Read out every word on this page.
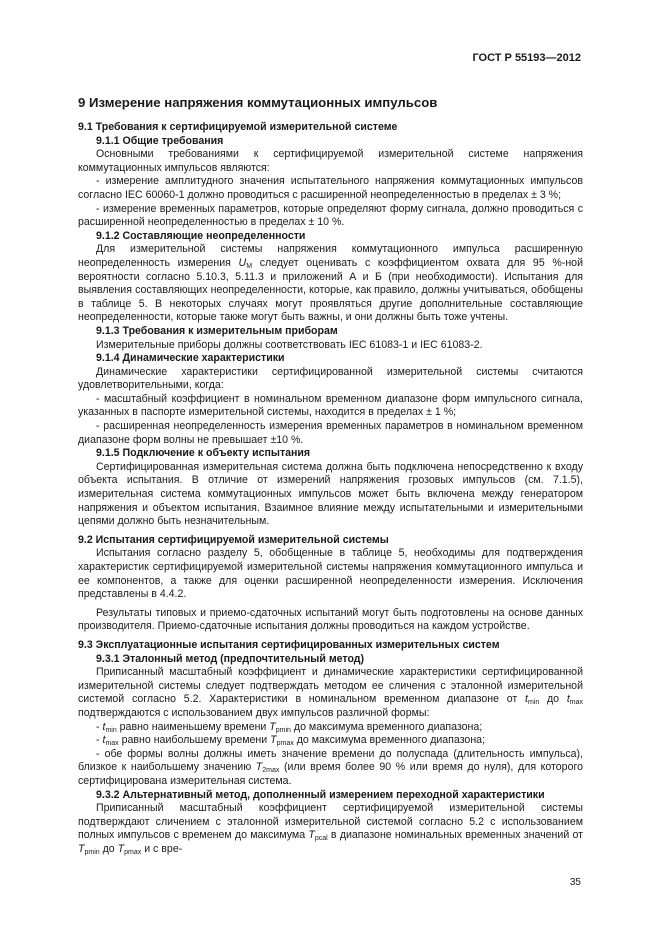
ГОСТ Р 55193—2012
9 Измерение напряжения коммутационных импульсов
9.1 Требования к сертифицируемой измерительной системе
9.1.1 Общие требования
Основными требованиями к сертифицируемой измерительной системе напряжения коммутационных импульсов являются:
- измерение амплитудного значения испытательного напряжения коммутационных импульсов согласно IEC 60060-1 должно проводиться с расширенной неопределенностью в пределах ± 3 %;
- измерение временных параметров, которые определяют форму сигнала, должно проводиться с расширенной неопределенностью в пределах ± 10 %.
9.1.2 Составляющие неопределенности
Для измерительной системы напряжения коммутационного импульса расширенную неопределенность измерения $U_M$ следует оценивать с коэффициентом охвата для 95 %-ной вероятности согласно 5.10.3, 5.11.3 и приложений А и Б (при необходимости). Испытания для выявления составляющих неопределенности, которые, как правило, должны учитываться, обобщены в таблице 5. В некоторых случаях могут проявляться другие дополнительные составляющие неопределенности, которые также могут быть важны, и они должны быть тоже учтены.
9.1.3 Требования к измерительным приборам
Измерительные приборы должны соответствовать IEC 61083-1 и IEC 61083-2.
9.1.4 Динамические характеристики
Динамические характеристики сертифицированной измерительной системы считаются удовлетворительными, когда:
- масштабный коэффициент в номинальном временном диапазоне форм импульсного сигнала, указанных в паспорте измерительной системы, находится в пределах ± 1 %;
- расширенная неопределенность измерения временных параметров в номинальном временном диапазоне форм волны не превышает ±10 %.
9.1.5 Подключение к объекту испытания
Сертифицированная измерительная система должна быть подключена непосредственно к входу объекта испытания. В отличие от измерений напряжения грозовых импульсов (см. 7.1.5), измерительная система коммутационных импульсов может быть включена между генератором напряжения и объектом испытания. Взаимное влияние между испытательными и измерительными цепями должно быть незначительным.
9.2 Испытания сертифицируемой измерительной системы
Испытания согласно разделу 5, обобщенные в таблице 5, необходимы для подтверждения характеристик сертифицируемой измерительной системы напряжения коммутационного импульса и ее компонентов, а также для оценки расширенной неопределенности измерения. Исключения представлены в 4.4.2.
Результаты типовых и приемо-сдаточных испытаний могут быть подготовлены на основе данных производителя. Приемо-сдаточные испытания должны проводиться на каждом устройстве.
9.3 Эксплуатационные испытания сертифицированных измерительных систем
9.3.1 Эталонный метод (предпочтительный метод)
Приписанный масштабный коэффициент и динамические характеристики сертифицированной измерительной системы следует подтверждать методом ее сличения с эталонной измерительной системой согласно 5.2. Характеристики в номинальном временном диапазоне от $t_{min}$ до $t_{max}$ подтверждаются с использованием двух импульсов различной формы:
- $t_{min}$ равно наименьшему времени $T_{pmin}$ до максимума временного диапазона;
- $t_{max}$ равно наибольшему времени $T_{pmax}$ до максимума временного диапазона;
- обе формы волны должны иметь значение времени до полуспада (длительность импульса), близкое к наибольшему значению $T_{2max}$ (или время более 90 % или время до нуля), для которого сертифицирована измерительная система.
9.3.2 Альтернативный метод, дополненный измерением переходной характеристики
Приписанный масштабный коэффициент сертифицируемой измерительной системы подтверждают сличением с эталонной измерительной системой согласно 5.2 с использованием полных импульсов с временем до максимума $T_{pcal}$ в диапазоне номинальных временных значений от $T_{pmin}$ до $T_{pmax}$ и с вре-
35
